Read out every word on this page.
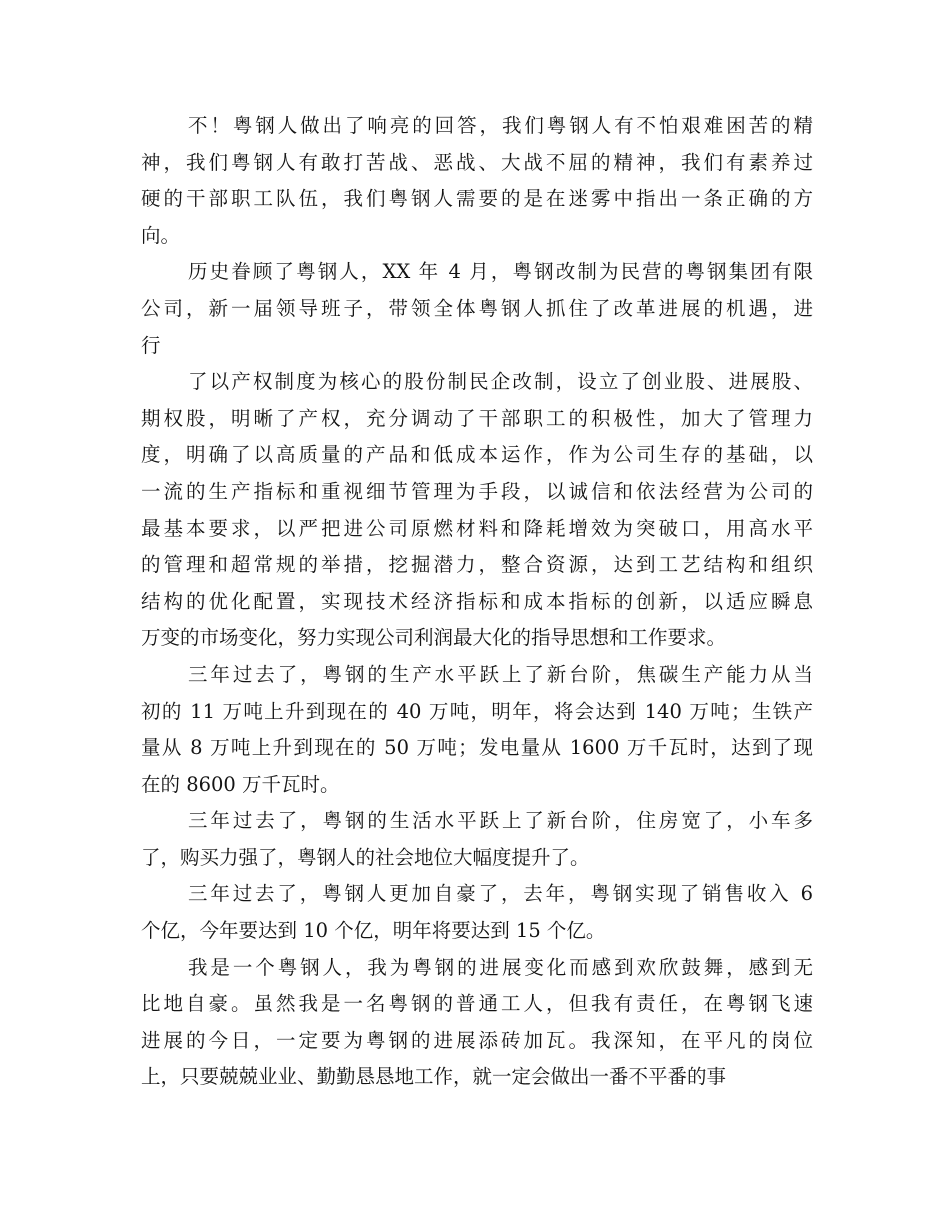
不！粤钢人做出了响亮的回答，我们粤钢人有不怕艰难困苦的精
神，我们粤钢人有敢打苦战、恶战、大战不屈的精神，我们有素养过
硬的干部职工队伍，我们粤钢人需要的是在迷雾中指出一条正确的方
向。
历史眷顾了粤钢人，XX 年 4 月，粤钢改制为民营的粤钢集团有限
公司，新一届领导班子，带领全体粤钢人抓住了改革进展的机遇，进
行
了以产权制度为核心的股份制民企改制，设立了创业股、进展股、
期权股，明晰了产权，充分调动了干部职工的积极性，加大了管理力
度，明确了以高质量的产品和低成本运作，作为公司生存的基础，以
一流的生产指标和重视细节管理为手段，以诚信和依法经营为公司的
最基本要求，以严把进公司原燃材料和降耗增效为突破口，用高水平
的管理和超常规的举措，挖掘潜力，整合资源，达到工艺结构和组织
结构的优化配置，实现技术经济指标和成本指标的创新，以适应瞬息
万变的市场变化，努力实现公司利润最大化的指导思想和工作要求。
三年过去了，粤钢的生产水平跃上了新台阶，焦碳生产能力从当
初的 11 万吨上升到现在的 40 万吨，明年，将会达到 140 万吨；生铁产
量从 8 万吨上升到现在的 50 万吨；发电量从 1600 万千瓦时，达到了现
在的 8600 万千瓦时。
三年过去了，粤钢的生活水平跃上了新台阶，住房宽了，小车多
了，购买力强了，粤钢人的社会地位大幅度提升了。
三年过去了，粤钢人更加自豪了，去年，粤钢实现了销售收入 6
个亿，今年要达到 10 个亿，明年将要达到 15 个亿。
我是一个粤钢人，我为粤钢的进展变化而感到欢欣鼓舞，感到无
比地自豪。虽然我是一名粤钢的普通工人，但我有责任，在粤钢飞速
进展的今日，一定要为粤钢的进展添砖加瓦。我深知，在平凡的岗位
上，只要兢兢业业、勤勤恳恳地工作，就一定会做出一番不平番的事
